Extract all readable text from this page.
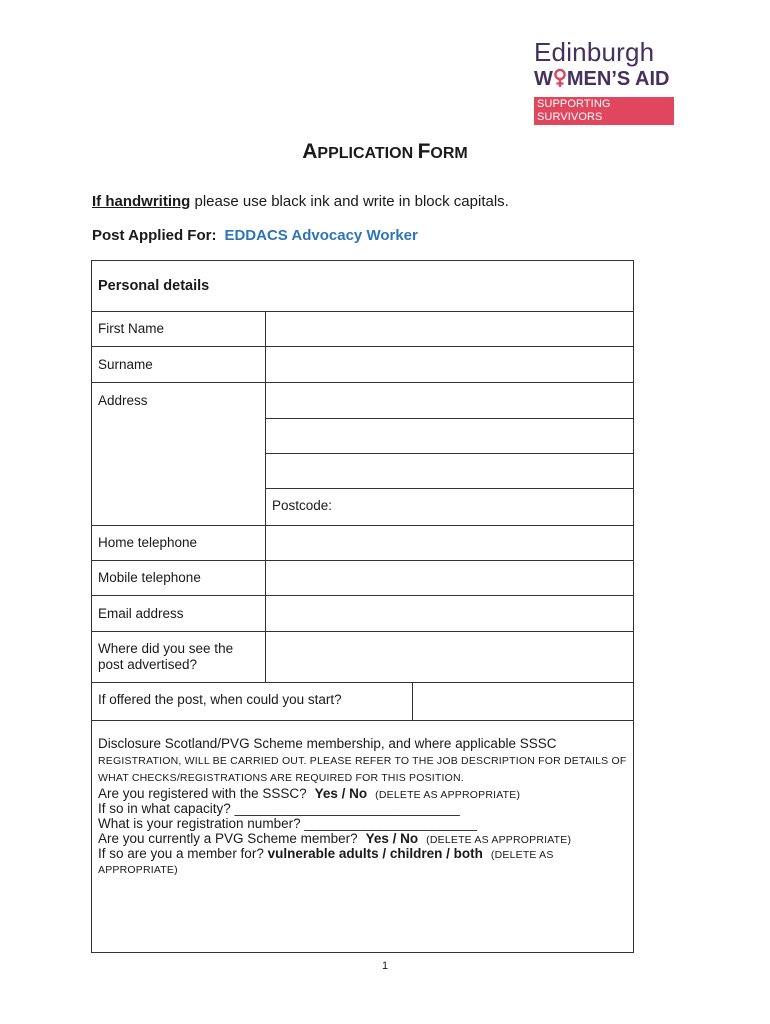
Edinburgh
W MEN’S AID
SUPPORTING SURVIVORS
APPLICATION FORM
If handwriting please use black ink and write in block capitals.
Post Applied For: EDDACS Advocacy Worker
Personal details
First Name
Surname
Address
Postcode:
Home telephone
Mobile telephone
Email address
Where did you see the post advertised?
If offered the post, when could you start?

Disclosure Scotland/PVG Scheme membership, and where applicable SSSC
REGISTRATION, WILL BE CARRIED OUT. PLEASE REFER TO THE JOB DESCRIPTION FOR DETAILS OF WHAT CHECKS/REGISTRATIONS ARE REQUIRED FOR THIS POSITION.

Are you registered with the SSSC? Yes / No (DELETE AS APPROPRIATE)

If so in what capacity? ______________________________

What is your registration number? _______________________

Are you currently a PVG Scheme member? Yes / No (DELETE AS APPROPRIATE)

If so are you a member for? vulnerable adults / children / both (DELETE AS APPROPRIATE)

1
